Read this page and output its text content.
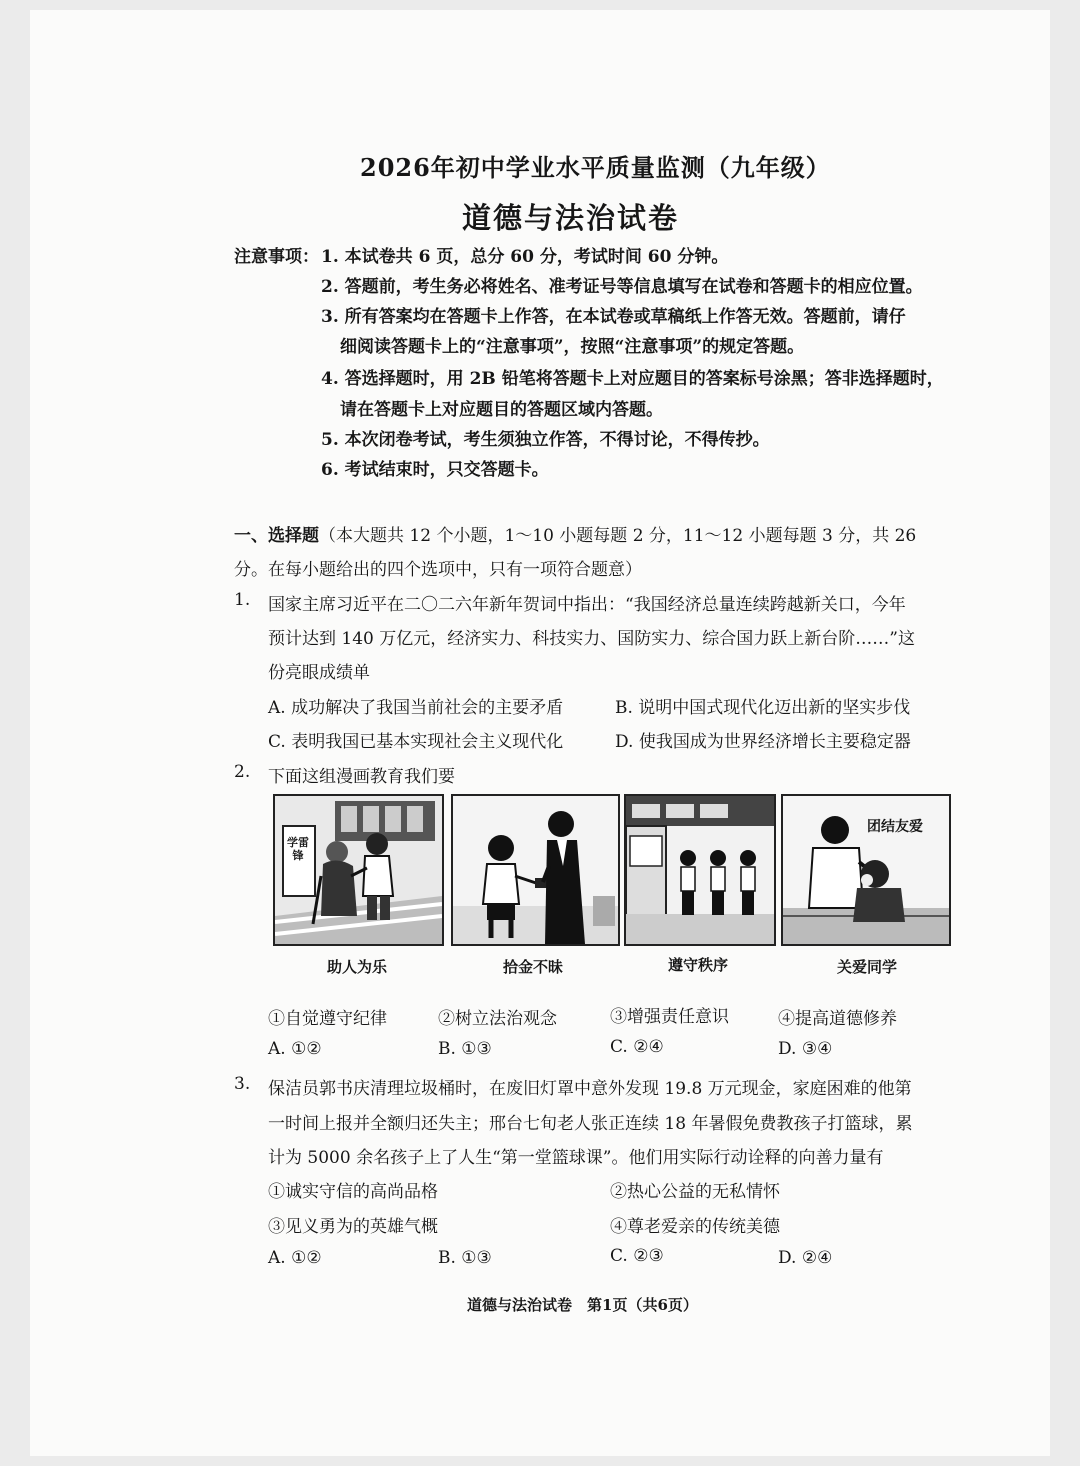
2026年初中学业水平质量监测（九年级）
道德与法治试卷
注意事项： 1. 本试卷共 6 页，总分 60 分，考试时间 60 分钟。
2. 答题前，考生务必将姓名、准考证号等信息填写在试卷和答题卡的相应位置。
3. 所有答案均在答题卡上作答，在本试卷或草稿纸上作答无效。答题前，请仔
细阅读答题卡上的“注意事项”，按照“注意事项”的规定答题。
4. 答选择题时，用 2B 铅笔将答题卡上对应题目的答案标号涂黑；答非选择题时，
请在答题卡上对应题目的答题区域内答题。
5. 本次闭卷考试，考生须独立作答，不得讨论，不得传抄。
6. 考试结束时，只交答题卡。
一、选择题（本大题共 12 个小题，1～10 小题每题 2 分，11～12 小题每题 3 分，共 26
分。在每小题给出的四个选项中，只有一项符合题意）
1. 国家主席习近平在二〇二六年新年贺词中指出：“我国经济总量连续跨越新关口，今年
预计达到 140 万亿元，经济实力、科技实力、国防实力、综合国力跃上新台阶……”这
份亮眼成绩单
A. 成功解决了我国当前社会的主要矛盾	B. 说明中国式现代化迈出新的坚实步伐
C. 表明我国已基本实现社会主义现代化	D. 使我国成为世界经济增长主要稳定器
2. 下面这组漫画教育我们要
学雷锋
团结友爱
助人为乐	拾金不昧	遵守秩序	关爱同学
①自觉遵守纪律	②树立法治观念	③增强责任意识	④提高道德修养
A. ①②	B. ①③	C. ②④	D. ③④
3. 保洁员郭书庆清理垃圾桶时，在废旧灯罩中意外发现 19.8 万元现金，家庭困难的他第
一时间上报并全额归还失主；邢台七旬老人张正连续 18 年暑假免费教孩子打篮球，累
计为 5000 余名孩子上了人生“第一堂篮球课”。他们用实际行动诠释的向善力量有
①诚实守信的高尚品格	②热心公益的无私情怀
③见义勇为的英雄气概	④尊老爱亲的传统美德
A. ①②	B. ①③	C. ②③	D. ②④
道德与法治试卷　第1页（共6页）
